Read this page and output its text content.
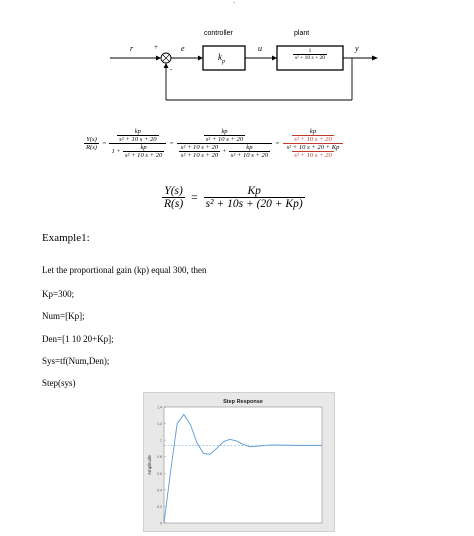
-
controller	plant
r	+	e
-
u	y
$k_p$
$\frac{1}{\text{s² + 10 s + 20}}$
$\frac{Y(s)}{R(s)} = \frac{\frac{kp}{\text{s² + 10 s + 20}}}{1 + \frac{kp}{\text{s² + 10 s + 20}}} = \frac{\frac{kp}{\text{s² + 10 s + 20}}}{\frac{\text{s² + 10 s + 20}}{\text{s² + 10 s + 20}} + \frac{kp}{\text{s² + 10 s + 20}}} = \frac{\frac{kp}{\text{s² + 10 s + 20}}}{\frac{\text{s² + 10 s + 20 + Kp}}{\text{s² + 10 s + 20}}}$
$\frac{Y(s)}{R(s)} = \frac{Kp}{\text{s² + 10s + (20 + Kp)}}$
Example1:
Let the proportional gain (kp) equal 300, then
Kp=300;
Num=[Kp];
Den=[1 10 20+Kp];
Sys=tf(Num,Den);
Step(sys)
Step Response
Amplitude
0
0.2
0.4
0.6
0.8
1
1.2
1.4
